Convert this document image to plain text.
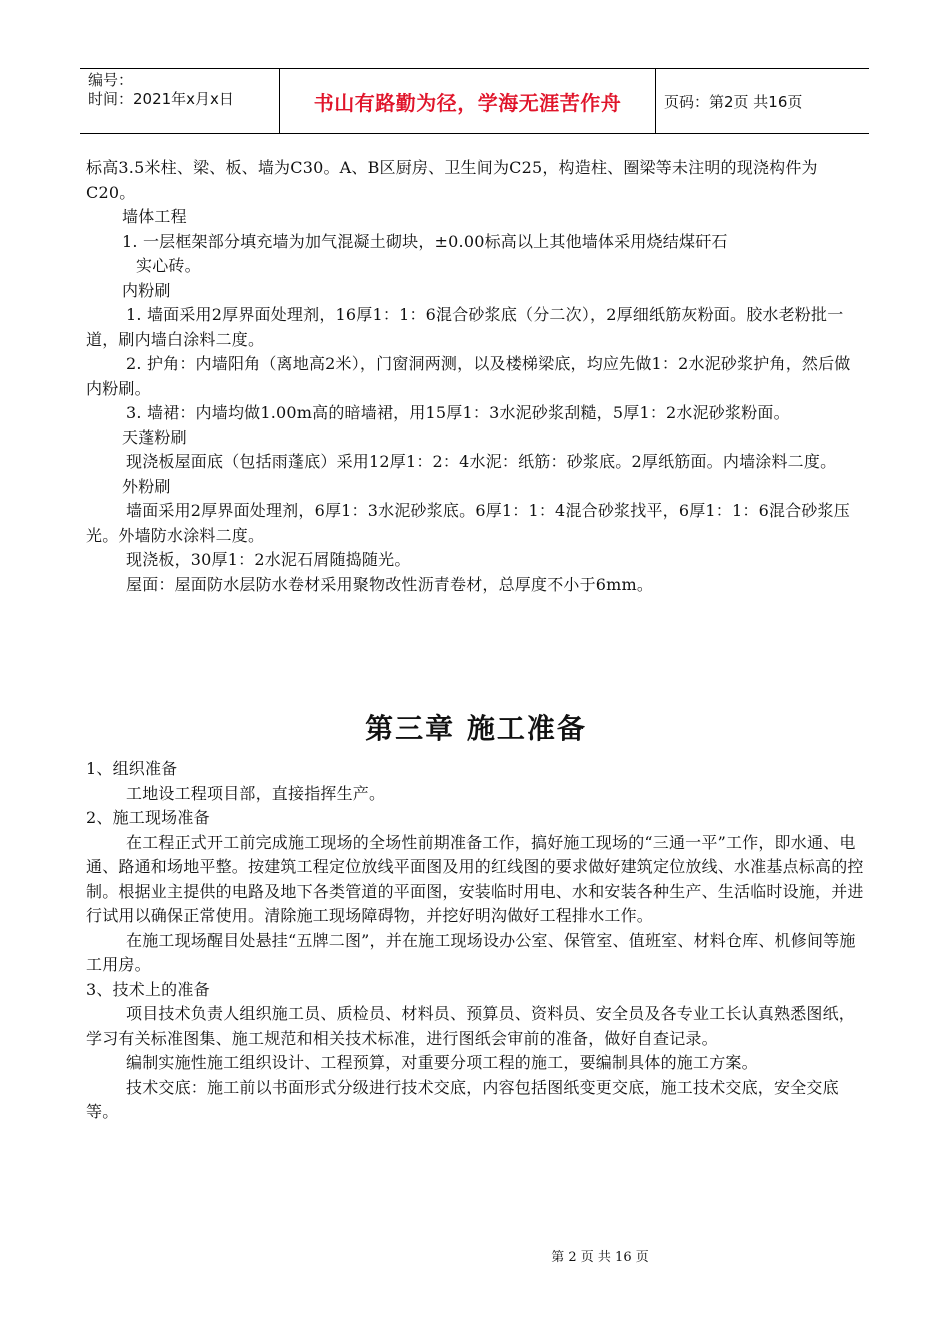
编号：
时间：2021年x月x日	书山有路勤为径，学海无涯苦作舟	页码：第2页 共16页

标高3.5米柱、梁、板、墙为C30。A、B区厨房、卫生间为C25，构造柱、圈梁等未注明的现浇构件为C20。

墙体工程

1. 一层框架部分填充墙为加气混凝土砌块，±0.00标高以上其他墙体采用烧结煤矸石

实心砖。

内粉刷

1. 墙面采用2厚界面处理剂，16厚1：1：6混合砂浆底（分二次），2厚细纸筋灰粉面。胶水老粉批一道，刷内墙白涂料二度。

2. 护角：内墙阳角（离地高2米），门窗洞两测，以及楼梯梁底，均应先做1：2水泥砂浆护角，然后做内粉刷。

3. 墙裙：内墙均做1.00m高的暗墙裙，用15厚1：3水泥砂浆刮糙，5厚1：2水泥砂浆粉面。

天蓬粉刷

现浇板屋面底（包括雨蓬底）采用12厚1：2：4水泥：纸筋：砂浆底。2厚纸筋面。内墙涂料二度。

外粉刷

墙面采用2厚界面处理剂，6厚1：3水泥砂浆底。6厚1：1：4混合砂浆找平，6厚1：1：6混合砂浆压光。外墙防水涂料二度。

现浇板，30厚1：2水泥石屑随捣随光。

屋面：屋面防水层防水卷材采用聚物改性沥青卷材，总厚度不小于6mm。

第三章 施工准备

1、组织准备

工地设工程项目部，直接指挥生产。

2、施工现场准备

在工程正式开工前完成施工现场的全场性前期准备工作，搞好施工现场的“三通一平”工作，即水通、电通、路通和场地平整。按建筑工程定位放线平面图及用的红线图的要求做好建筑定位放线、水准基点标高的控制。根据业主提供的电路及地下各类管道的平面图，安装临时用电、水和安装各种生产、生活临时设施，并进行试用以确保正常使用。清除施工现场障碍物，并挖好明沟做好工程排水工作。

在施工现场醒目处悬挂“五牌二图”，并在施工现场设办公室、保管室、值班室、材料仓库、机修间等施工用房。

3、技术上的准备

项目技术负责人组织施工员、质检员、材料员、预算员、资料员、安全员及各专业工长认真熟悉图纸，学习有关标准图集、施工规范和相关技术标准，进行图纸会审前的准备，做好自查记录。

编制实施性施工组织设计、工程预算，对重要分项工程的施工，要编制具体的施工方案。

技术交底：施工前以书面形式分级进行技术交底，内容包括图纸变更交底，施工技术交底，安全交底等。

第 2 页 共 16 页
